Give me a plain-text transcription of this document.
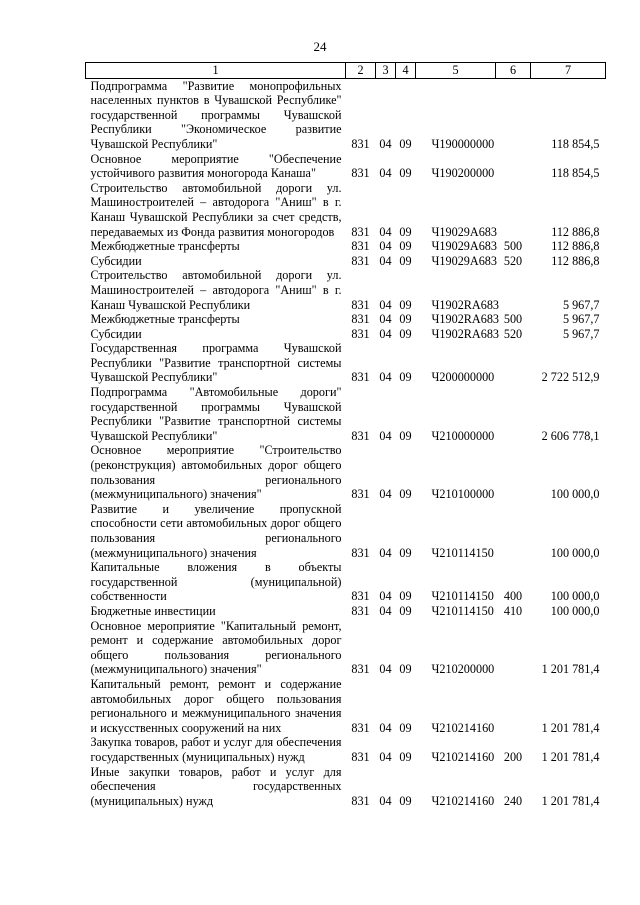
24
1	2	3	4	5	6	7
Подпрограмма "Развитие монопрофильных населенных пунктов в Чувашской Республике" государственной программы Чувашской Республики "Экономическое развитие Чувашской Республики"	831	04	09	Ч190000000		118 854,5
Основное мероприятие "Обеспечение устойчивого развития моногорода Канаша"	831	04	09	Ч190200000		118 854,5
Строительство автомобильной дороги ул. Машиностроителей – автодорога "Аниш" в г. Канаш Чувашской Республики за счет средств, передаваемых из Фонда развития моногородов	831	04	09	Ч19029А683		112 886,8
Межбюджетные трансферты	831	04	09	Ч19029А683	500	112 886,8
Субсидии	831	04	09	Ч19029А683	520	112 886,8
Строительство автомобильной дороги ул. Машиностроителей – автодорога "Аниш" в г. Канаш Чувашской Республики	831	04	09	Ч1902RA683		5 967,7
Межбюджетные трансферты	831	04	09	Ч1902RA683	500	5 967,7
Субсидии	831	04	09	Ч1902RA683	520	5 967,7
Государственная программа Чувашской Республики "Развитие транспортной системы Чувашской Республики"	831	04	09	Ч200000000		2 722 512,9
Подпрограмма "Автомобильные дороги" государственной программы Чувашской Республики "Развитие транспортной системы Чувашской Республики"	831	04	09	Ч210000000		2 606 778,1
Основное мероприятие "Строительство (реконструкция) автомобильных дорог общего пользования регионального (межмуниципального) значения"	831	04	09	Ч210100000		100 000,0
Развитие и увеличение пропускной способности сети автомобильных дорог общего пользования регионального (межмуниципального) значения	831	04	09	Ч210114150		100 000,0
Капитальные вложения в объекты государственной (муниципальной) собственности	831	04	09	Ч210114150	400	100 000,0
Бюджетные инвестиции	831	04	09	Ч210114150	410	100 000,0
Основное мероприятие "Капитальный ремонт, ремонт и содержание автомобильных дорог общего пользования регионального (межмуниципального) значения"	831	04	09	Ч210200000		1 201 781,4
Капитальный ремонт, ремонт и содержание автомобильных дорог общего пользования регионального и межмуниципального значения и искусственных сооружений на них	831	04	09	Ч210214160		1 201 781,4
Закупка товаров, работ и услуг для обеспечения государственных (муниципальных) нужд	831	04	09	Ч210214160	200	1 201 781,4
Иные закупки товаров, работ и услуг для обеспечения государственных (муниципальных) нужд	831	04	09	Ч210214160	240	1 201 781,4
